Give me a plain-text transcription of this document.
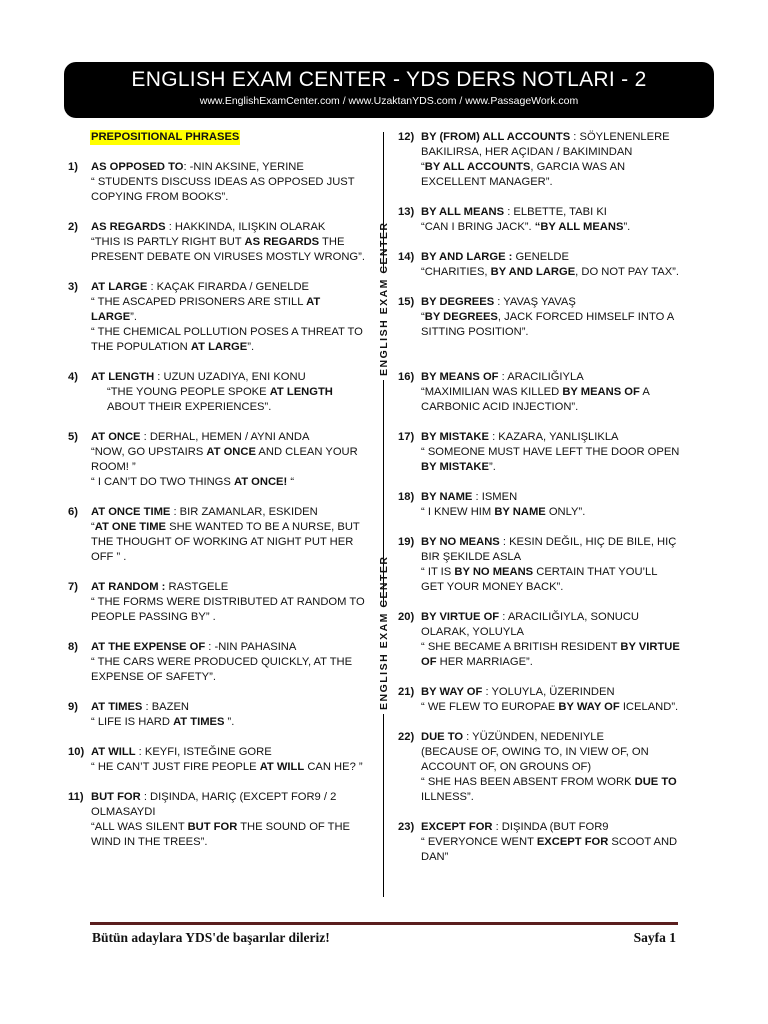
ENGLISH EXAM CENTER - YDS DERS NOTLARI - 2
www.EnglishExamCenter.com / www.UzaktanYDS.com / www.PassageWork.com
ENGLISH EXAM CENTER
ENGLISH EXAM CENTER
PREPOSITIONAL PHRASES
1)	AS OPPOSED TO: -NIN AKSINE, YERINE

“ STUDENTS DISCUSS IDEAS AS OPPOSED JUST COPYING FROM BOOKS”.

2)	AS REGARDS : HAKKINDA, ILIŞKIN OLARAK

“THIS IS PARTLY RIGHT BUT AS REGARDS THE PRESENT DEBATE ON VIRUSES MOSTLY WRONG”.

3)	AT LARGE : KAÇAK FIRARDA / GENELDE

“ THE ASCAPED PRISONERS ARE STILL AT LARGE”.

“ THE CHEMICAL POLLUTION POSES A THREAT TO THE POPULATION AT LARGE”.

4)	AT LENGTH : UZUN UZADIYA, ENI KONU

“THE YOUNG PEOPLE SPOKE AT LENGTH ABOUT THEIR EXPERIENCES”.

5)	AT ONCE : DERHAL, HEMEN / AYNI ANDA

“NOW, GO UPSTAIRS AT ONCE AND CLEAN YOUR ROOM! ”

“ I CAN’T DO TWO THINGS AT ONCE! “

6)	AT ONCE TIME : BIR ZAMANLAR, ESKIDEN

“AT ONE TIME SHE WANTED TO BE A NURSE, BUT THE THOUGHT OF WORKING AT NIGHT PUT HER OFF ” .

7)	AT RANDOM : RASTGELE

“ THE FORMS WERE DISTRIBUTED AT RANDOM TO PEOPLE PASSING BY” .

8)	AT THE EXPENSE OF : -NIN PAHASINA

“ THE CARS WERE PRODUCED QUICKLY, AT THE EXPENSE OF SAFETY”.

9)	AT TIMES : BAZEN

“ LIFE IS HARD AT TIMES ”.

10) AT WILL : KEYFI, ISTEĞINE GORE

“ HE CAN’T JUST FIRE PEOPLE AT WILL CAN HE? ”

11) BUT FOR : DIŞINDA, HARIÇ (EXCEPT FOR9 / 2 OLMASAYDI

“ALL WAS SILENT BUT FOR THE SOUND OF THE WIND IN THE TREES”.

12) BY (FROM) ALL ACCOUNTS : SÖYLENENLERE BAKILIRSA, HER AÇIDAN / BAKIMINDAN

“BY ALL ACCOUNTS, GARCIA WAS AN EXCELLENT MANAGER”.

13) BY ALL MEANS : ELBETTE, TABI KI

“CAN I BRING JACK”. “BY ALL MEANS”.

14) BY AND LARGE : GENELDE

“CHARITIES, BY AND LARGE, DO NOT PAY TAX”.

15) BY DEGREES : YAVAŞ YAVAŞ

“BY DEGREES, JACK FORCED HIMSELF INTO A SITTING POSITION”.

16) BY MEANS OF : ARACILIĞIYLA

“MAXIMILIAN WAS KILLED BY MEANS OF A CARBONIC ACID INJECTION”.

17) BY MISTAKE : KAZARA, YANLIŞLIKLA

“ SOMEONE MUST HAVE LEFT THE DOOR OPEN BY MISTAKE”.

18) BY NAME : ISMEN

“ I KNEW HIM BY NAME ONLY”.

19) BY NO MEANS : KESIN DEĞIL, HIÇ DE BILE, HIÇ BIR ŞEKILDE ASLA

“ IT IS BY NO MEANS CERTAIN THAT YOU’LL GET YOUR MONEY BACK”.

20) BY VIRTUE OF : ARACILIĞIYLA, SONUCU OLARAK, YOLUYLA

“ SHE BECAME A BRITISH RESIDENT BY VIRTUE OF HER MARRIAGE”.

21) BY WAY OF : YOLUYLA, ÜZERINDEN

“ WE FLEW TO EUROPAE BY WAY OF ICELAND”.

22) DUE TO : YÜZÜNDEN, NEDENIYLE

(BECAUSE OF, OWING TO, IN VIEW OF, ON ACCOUNT OF, ON GROUNS OF)

“ SHE HAS BEEN ABSENT FROM WORK DUE TO ILLNESS”.

23) EXCEPT FOR : DIŞINDA (BUT FOR9

“ EVERYONCE WENT EXCEPT FOR SCOOT AND DAN”

Bütün adaylara YDS'de başarılar dileriz!	Sayfa 1
